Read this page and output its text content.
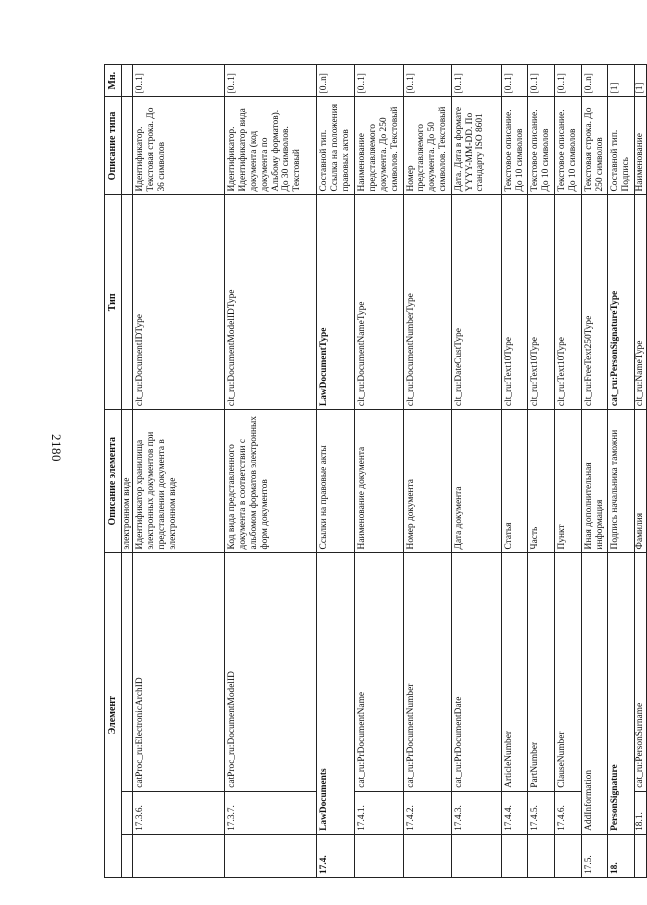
2180
Элемент			Описание элемента	Тип	Описание типа	Мн.
			электронном виде			
	17.3.6.	catProc_ru:ElectronicArchID	Идентификатор хранилища электронных документов при представлении документа в электронном виде	clt_ru:DocumentIDType	Идентификатор. Текстовая строка. До 36 символов	[0..1]
	17.3.7.	catProc_ru:DocumentModelID	Код вида представленного документа в соответствии с альбомом форматов электронных форм документов	clt_ru:DocumentModelIDType	Идентификатор. Идентификатор вида документа (код документа по Альбому форматов). До 30 символов. Текстовый	[0..1]
17.4.	LawDocuments		Ссылки на правовые акты	LawDocumentType	Составной тип. Ссылка на положения правовых актов	[0..n]
	17.4.1.	cat_ru:PrDocumentName	Наименование документа	clt_ru:DocumentNameType	Наименование представляемого документа. До 250 символов. Текстовый	[0..1]
	17.4.2.	cat_ru:PrDocumentNumber	Номер документа	clt_ru:DocumentNumberType	Номер представляемого документа. До 50 символов. Текстовый	[0..1]
	17.4.3.	cat_ru:PrDocumentDate	Дата документа	clt_ru:DateCustType	Дата. Дата в формате YYYY-MM-DD. По стандарту ISO 8601	[0..1]
	17.4.4.	ArticleNumber	Статья	clt_ru:Text10Type	Текстовое описание. До 10 символов	[0..1]
	17.4.5.	PartNumber	Часть	clt_ru:Text10Type	Текстовое описание. До 10 символов	[0..1]
	17.4.6.	ClauseNumber	Пункт	clt_ru:Text10Type	Текстовое описание. До 10 символов	[0..1]
17.5.	AddInformation		Иная дополнительная информация	clt_ru:FreeText250Type	Текстовая строка. До 250 символов	[0..n]
18.	PersonSignature		Подпись начальника таможни	cat_ru:PersonSignatureType	Составной тип. Подпись	[1]
	18.1.	cat_ru:PersonSurname	Фамилия	clt_ru:NameType	Наименование	[1]
